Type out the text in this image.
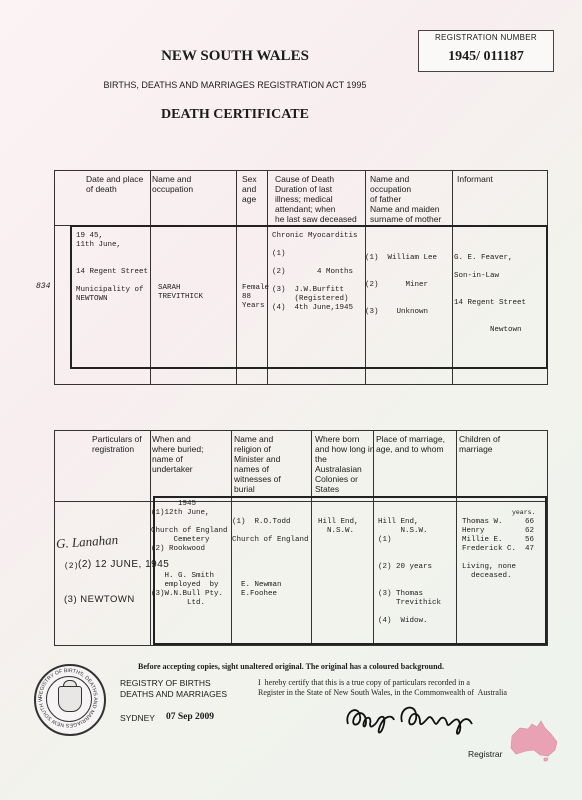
REGISTRATION NUMBER
1945/ 011187
NEW SOUTH WALES
BIRTHS, DEATHS AND MARRIAGES REGISTRATION ACT 1995
DEATH CERTIFICATE
Date and place
of death
Name and
occupation
Sex
and
age
Cause of Death
Duration of last
illness; medical
attendant; when
he last saw deceased
Name and
occupation
of father
Name and maiden
surname of mother
Informant
834
19 45,
11th June,

14 Regent Street

Municipality of
NEWTOWN
SARAH
TREVITHICK
Female
88
Years
Chronic Myocarditis

(1)

(2)       4 Months

(3)  J.W.Burfitt
(Registered)
(4)  4th June,1945
(1)  William Lee

(2)      Miner

(3)    Unknown
G. E. Feaver,

Son-in-Law

14 Regent Street

Newtown
Particulars of
registration
When and
where buried;
name of
undertaker
Name and
religion of
Minister and
names of
witnesses of
burial
Where born
and how long in
the
Australasian
Colonies or
States
Place of marriage,
age, and to whom
Children of
marriage
G. Lanahan
(2) (2) 12 JUNE, 1945
(3) NEWTOWN
1945
(1)12th June,

Church of England
Cemetery
(2) Rookwood

H. G. Smith
employed  by
(3)W.N.Bull Pty.
Ltd.
(1)  R.O.Todd

Church of England

E. Newman
E.Foohee
Hill End,
N.S.W.
Hill End,
N.S.W.
(1)

(2) 20 years

(3) Thomas
Trevithick

(4)  Widow.
years.
Thomas W.     66
Henry         62
Millie E.     56
Frederick C.  47

Living, none
deceased.
Before accepting copies, sight unaltered original. The original has a coloured background.
REGISTRY OF BIRTHS, DEATHS AND MARRIAGES NEW SOUTH W
REGISTRY OF BIRTHS
DEATHS AND MARRIAGES
SYDNEY 07 Sep 2009
I  hereby certify that this is a true copy of particulars recorded in a
Register in the State of New South Wales, in the Commonwealth of  Australia
Registrar
